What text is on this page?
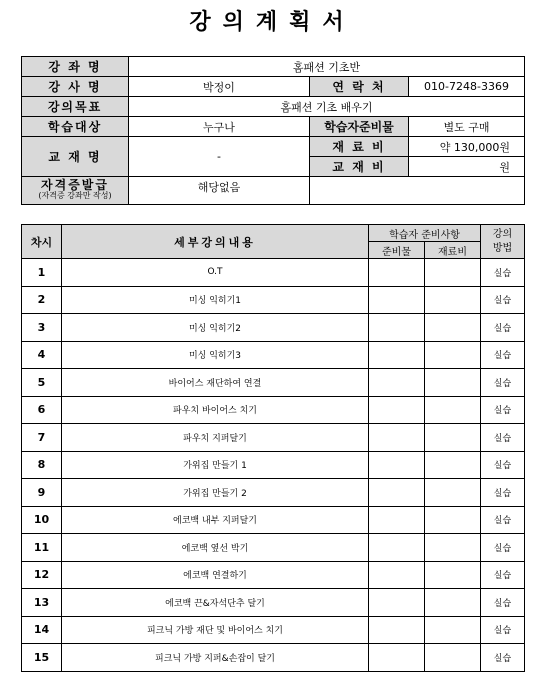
강의계획서
강 좌 명	홈패션 기초반		
강 사 명	박정이	연 락 처	010-7248-3369
강의목표	홈패션 기초 배우기		
학습대상	누구나	학습자준비물	별도 구매
교 재 명	-	재 료 비	약 130,000원
		교 재 비	원
자격증발급
(자격증 강좌만 작성)	해당없음		
차시	세부강의내용	학습자 준비사항		강의
방법
		준비물	재료비	
1	O.T			실습
2	미싱 익히기1			실습
3	미싱 익히기2			실습
4	미싱 익히기3			실습
5	바이어스 재단하여 연결			실습
6	파우치 바이어스 치기			실습
7	파우치 지퍼달기			실습
8	가위집 만들기 1			실습
9	가위집 만들기 2			실습
10	에코백 내부 지퍼달기			실습
11	에코백 옆선 박기			실습
12	에코백 연결하기			실습
13	에코백 끈&자석단추 달기			실습
14	피크닉 가방 재단 및 바이어스 치기			실습
15	피크닉 가방 지퍼&손잡이 달기			실습
